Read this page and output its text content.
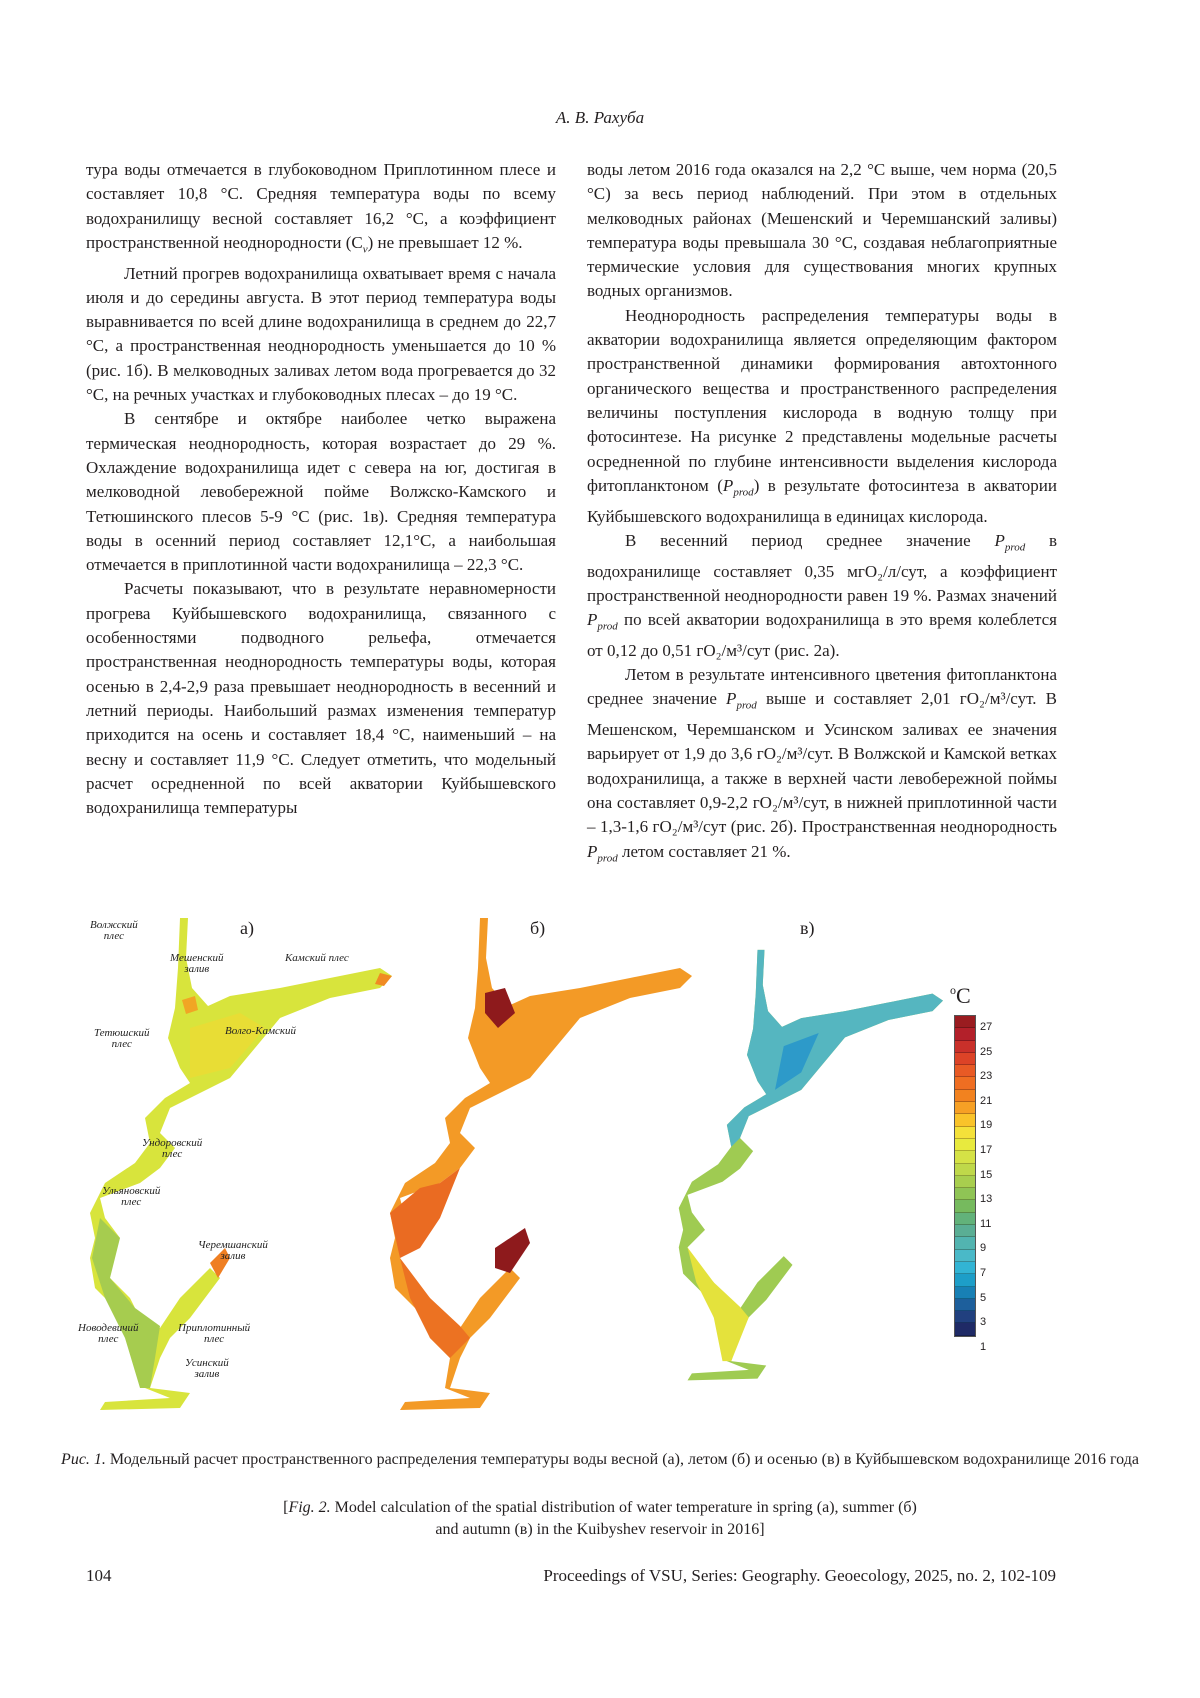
А. В. Рахуба

тура воды отмечается в глубоководном Приплотинном плесе и составляет 10,8 °С. Средняя температура воды по всему водохранилищу весной составляет 16,2 °С, а коэффициент пространственной неоднородности $(C_v)$ не превышает 12 %.

Летний прогрев водохранилища охватывает время с начала июля и до середины августа. В этот период температура воды выравнивается по всей длине водохранилища в среднем до 22,7 °С, а пространственная неоднородность уменьшается до 10 % (рис. 1б). В мелководных заливах летом вода прогревается до 32 °С, на речных участках и глубоководных плесах – до 19 °С.

В сентябре и октябре наиболее четко выражена термическая неоднородность, которая возрастает до 29 %. Охлаждение водохранилища идет с севера на юг, достигая в мелководной левобережной пойме Волжско-Камского и Тетюшинского плесов 5-9 °С (рис. 1в). Средняя температура воды в осенний период составляет 12,1°С, а наибольшая отмечается в приплотинной части водохранилища – 22,3 °С.

Расчеты показывают, что в результате неравномерности прогрева Куйбышевского водохранилища, связанного с особенностями подводного рельефа, отмечается пространственная неоднородность температуры воды, которая осенью в 2,4-2,9 раза превышает неоднородность в весенний и летний периоды. Наибольший размах изменения температур приходится на осень и составляет 18,4 °С, наименьший – на весну и составляет 11,9 °С. Следует отметить, что модельный расчет осредненной по всей акватории Куйбышевского водохранилища температуры

воды летом 2016 года оказался на 2,2 °С выше, чем норма (20,5 °С) за весь период наблюдений. При этом в отдельных мелководных районах (Мешенский и Черемшанский заливы) температура воды превышала 30 °С, создавая неблагоприятные термические условия для существования многих крупных водных организмов.

Неоднородность распределения температуры воды в акватории водохранилища является определяющим фактором пространственной динамики формирования автохтонного органического вещества и пространственного распределения величины поступления кислорода в водную толщу при фотосинтезе. На рисунке 2 представлены модельные расчеты осредненной по глубине интенсивности выделения кислорода фитопланктоном $(P_{prod})$ в результате фотосинтеза в акватории Куйбышевского водохранилища в единицах кислорода.

В весенний период среднее значение $P_{prod}$ в водохранилище составляет 0,35 мгO₂/л/сут, а коэффициент пространственной неоднородности равен 19 %. Размах значений $P_{prod}$ по всей акватории водохранилища в это время колеблется от 0,12 до 0,51 гO₂/м³/сут (рис. 2а).

Летом в результате интенсивного цветения фитопланктона среднее значение $P_{prod}$ выше и составляет 2,01 гO₂/м³/сут. В Мешенском, Черемшанском и Усинском заливах ее значения варьирует от 1,9 до 3,6 гO₂/м³/сут. В Волжской и Камской ветках водохранилища, а также в верхней части левобережной поймы она составляет 0,9-2,2 гO₂/м³/сут, в нижней приплотинной части – 1,3-1,6 гO₂/м³/сут (рис. 2б). Пространственная неоднородность $P_{prod}$ летом составляет 21 %.

а)
Волжский
плес
Мешенский
залив
Камский плес
Тетюшский
плес
Волго-Камский
Ундоровский
плес
Ульяновский
плес
Черемшанский
залив
Новодевичий
плес
Приплотинный
плес
Усинский
залив
б)	в)
$^o$C
27
25
23
21
19
17
15
13
11
9
7
5
3
1
Рис. 1. Модельный расчет пространственного распределения температуры воды весной (а), летом (б) и осенью (в) в Куйбышевском водохранилище 2016 года
[Fig. 2. Model calculation of the spatial distribution of water temperature in spring (а), summer (б) and autumn (в) in the Kuibyshev reservoir in 2016]
104	Proceedings of VSU, Series: Geography. Geoecology, 2025, no. 2, 102-109
